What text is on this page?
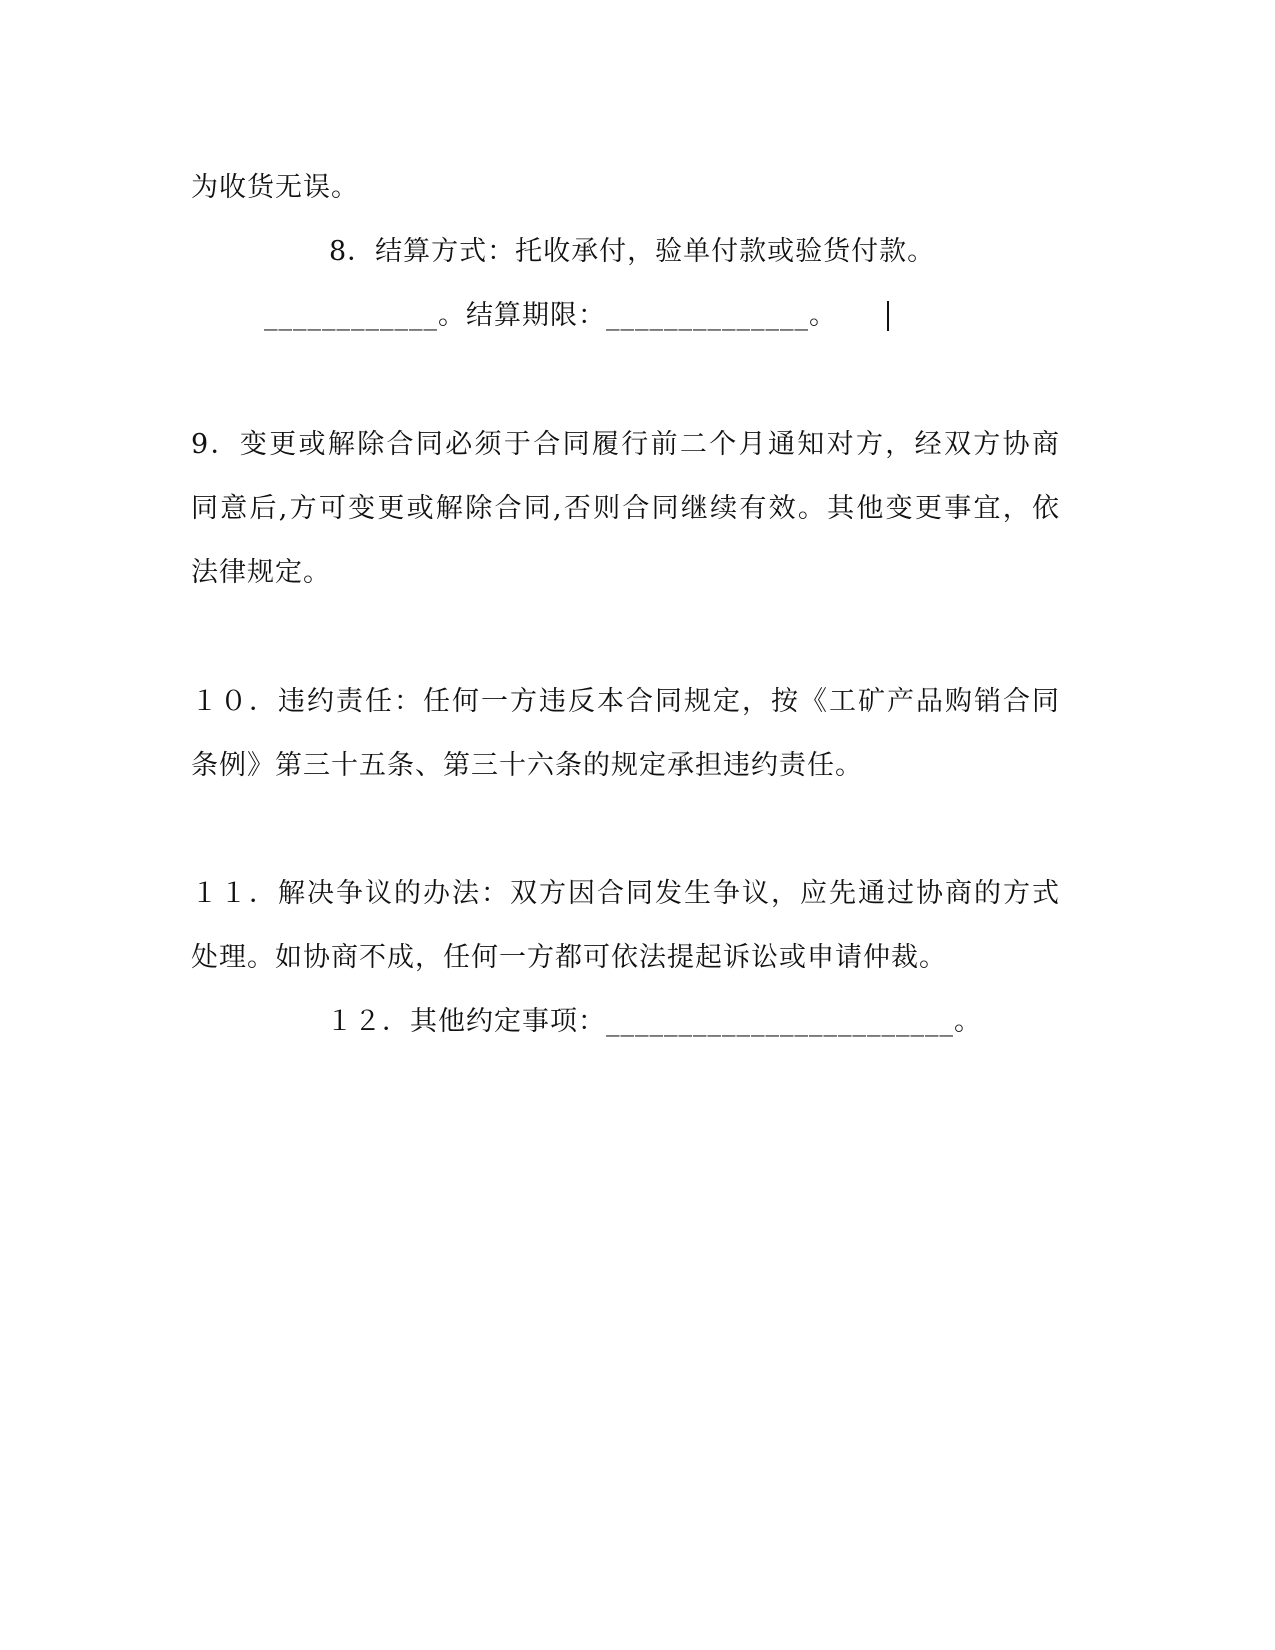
为收货无误。
8．结算方式：托收承付，验单付款或验货付款。
____________。结算期限：______________。
9．变更或解除合同必须于合同履行前二个月通知对方，经双方协商
同意后,方可变更或解除合同,否则合同继续有效。其他变更事宜，依
法律规定。
１０．违约责任：任何一方违反本合同规定，按《工矿产品购销合同
条例》第三十五条、第三十六条的规定承担违约责任。
１１．解决争议的办法：双方因合同发生争议，应先通过协商的方式
处理。如协商不成，任何一方都可依法提起诉讼或申请仲裁。
１２．其他约定事项：________________________。
